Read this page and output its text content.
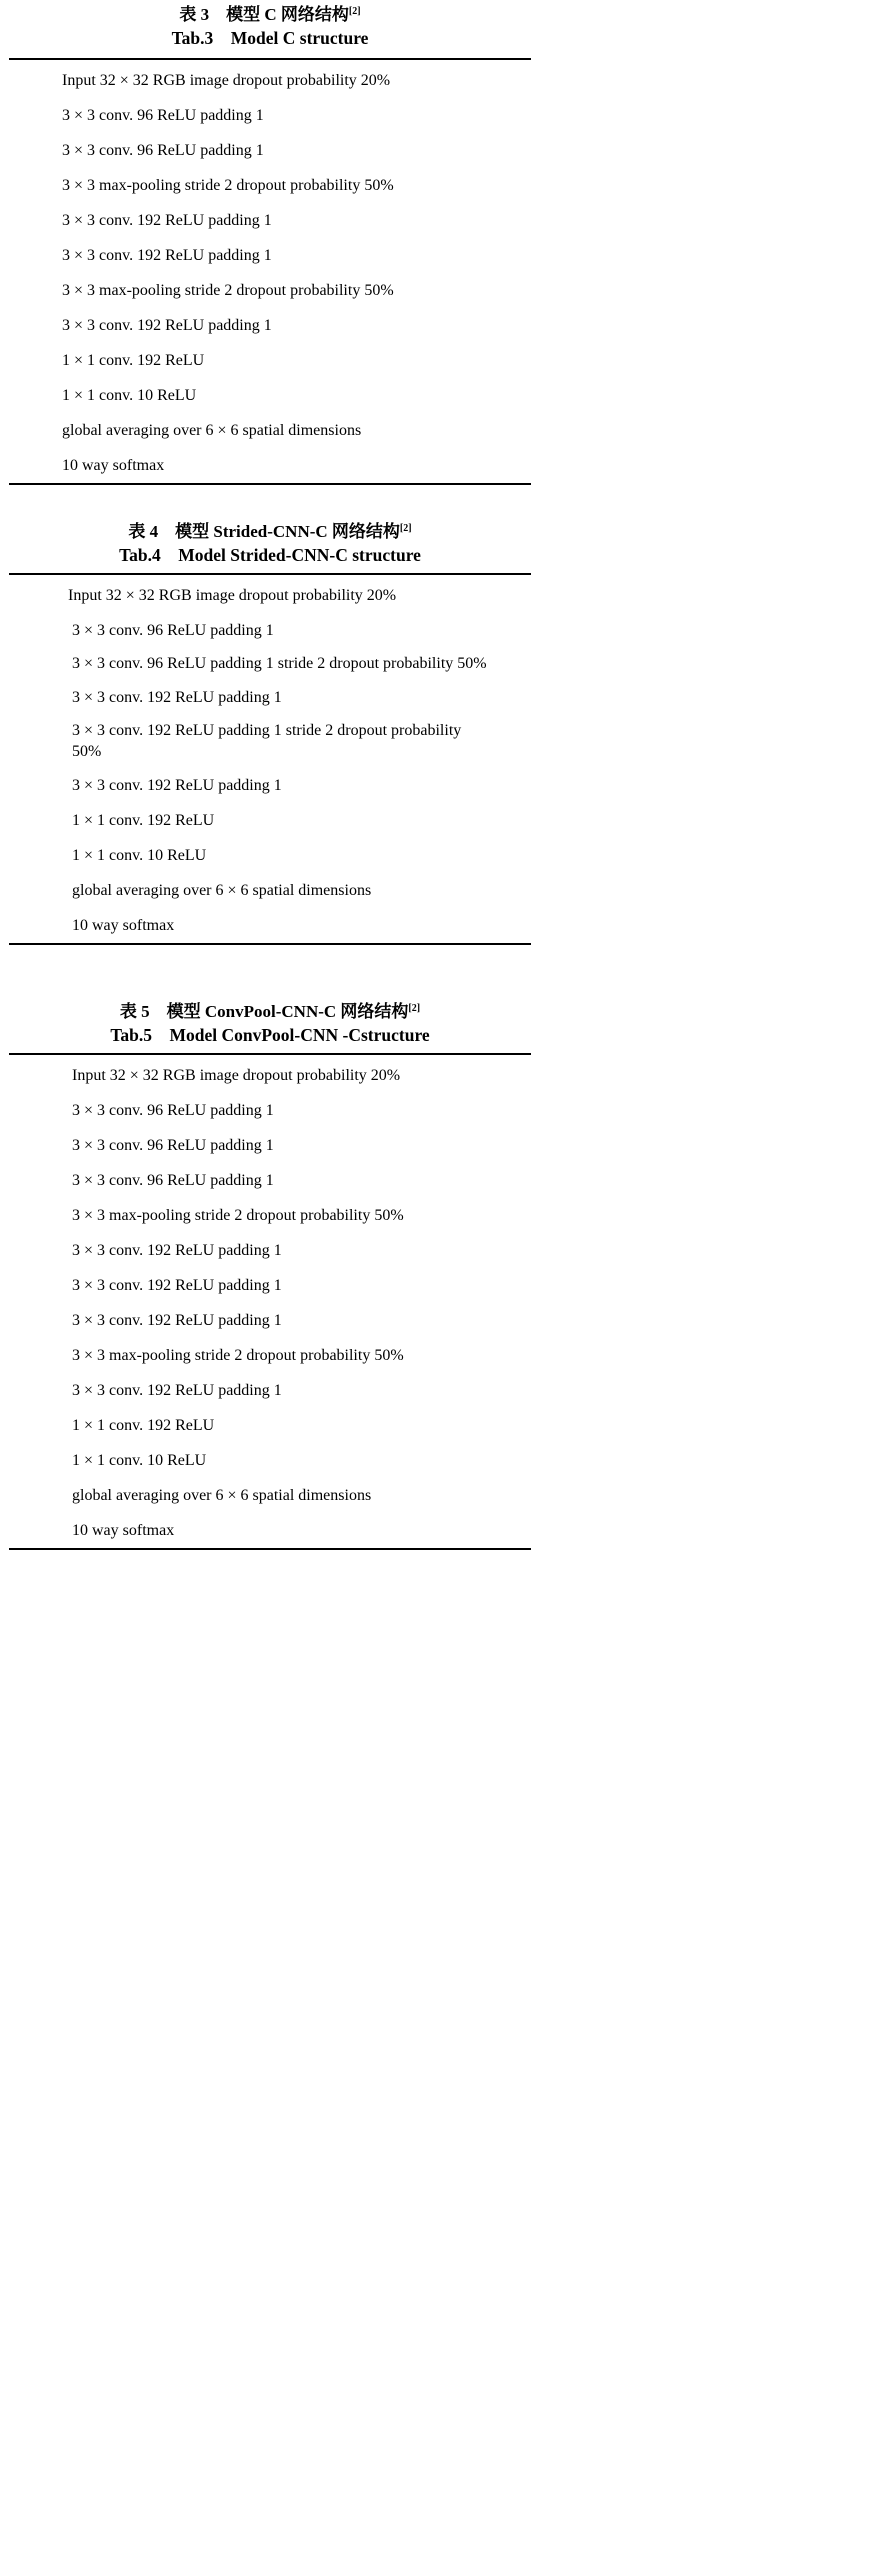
表 3　模型 C 网络结构[2]
Tab.3　Model C structure
Input 32 × 32 RGB image dropout probability 20%
3 × 3 conv. 96 ReLU padding 1
3 × 3 conv. 96 ReLU padding 1
3 × 3 max-pooling stride 2 dropout probability 50%
3 × 3 conv. 192 ReLU padding 1
3 × 3 conv. 192 ReLU padding 1
3 × 3 max-pooling stride 2 dropout probability 50%
3 × 3 conv. 192 ReLU padding 1
1 × 1 conv. 192 ReLU
1 × 1 conv. 10 ReLU
global averaging over 6 × 6 spatial dimensions
10 way softmax
表 4　模型 Strided-CNN-C 网络结构[2]
Tab.4　Model Strided-CNN-C structure
Input 32 × 32 RGB image dropout probability 20%
3 × 3 conv. 96 ReLU padding 1
3 × 3 conv. 96 ReLU padding 1 stride 2 dropout probability 50%
3 × 3 conv. 192 ReLU padding 1
3 × 3 conv. 192 ReLU padding 1 stride 2 dropout probability 50%
3 × 3 conv. 192 ReLU padding 1
1 × 1 conv. 192 ReLU
1 × 1 conv. 10 ReLU
global averaging over 6 × 6 spatial dimensions
10 way softmax
表 5　模型 ConvPool-CNN-C 网络结构[2]
Tab.5　Model ConvPool-CNN -Cstructure
Input 32 × 32 RGB image dropout probability 20%
3 × 3 conv. 96 ReLU padding 1
3 × 3 conv. 96 ReLU padding 1
3 × 3 conv. 96 ReLU padding 1
3 × 3 max-pooling stride 2 dropout probability 50%
3 × 3 conv. 192 ReLU padding 1
3 × 3 conv. 192 ReLU padding 1
3 × 3 conv. 192 ReLU padding 1
3 × 3 max-pooling stride 2 dropout probability 50%
3 × 3 conv. 192 ReLU padding 1
1 × 1 conv. 192 ReLU
1 × 1 conv. 10 ReLU
global averaging over 6 × 6 spatial dimensions
10 way softmax
